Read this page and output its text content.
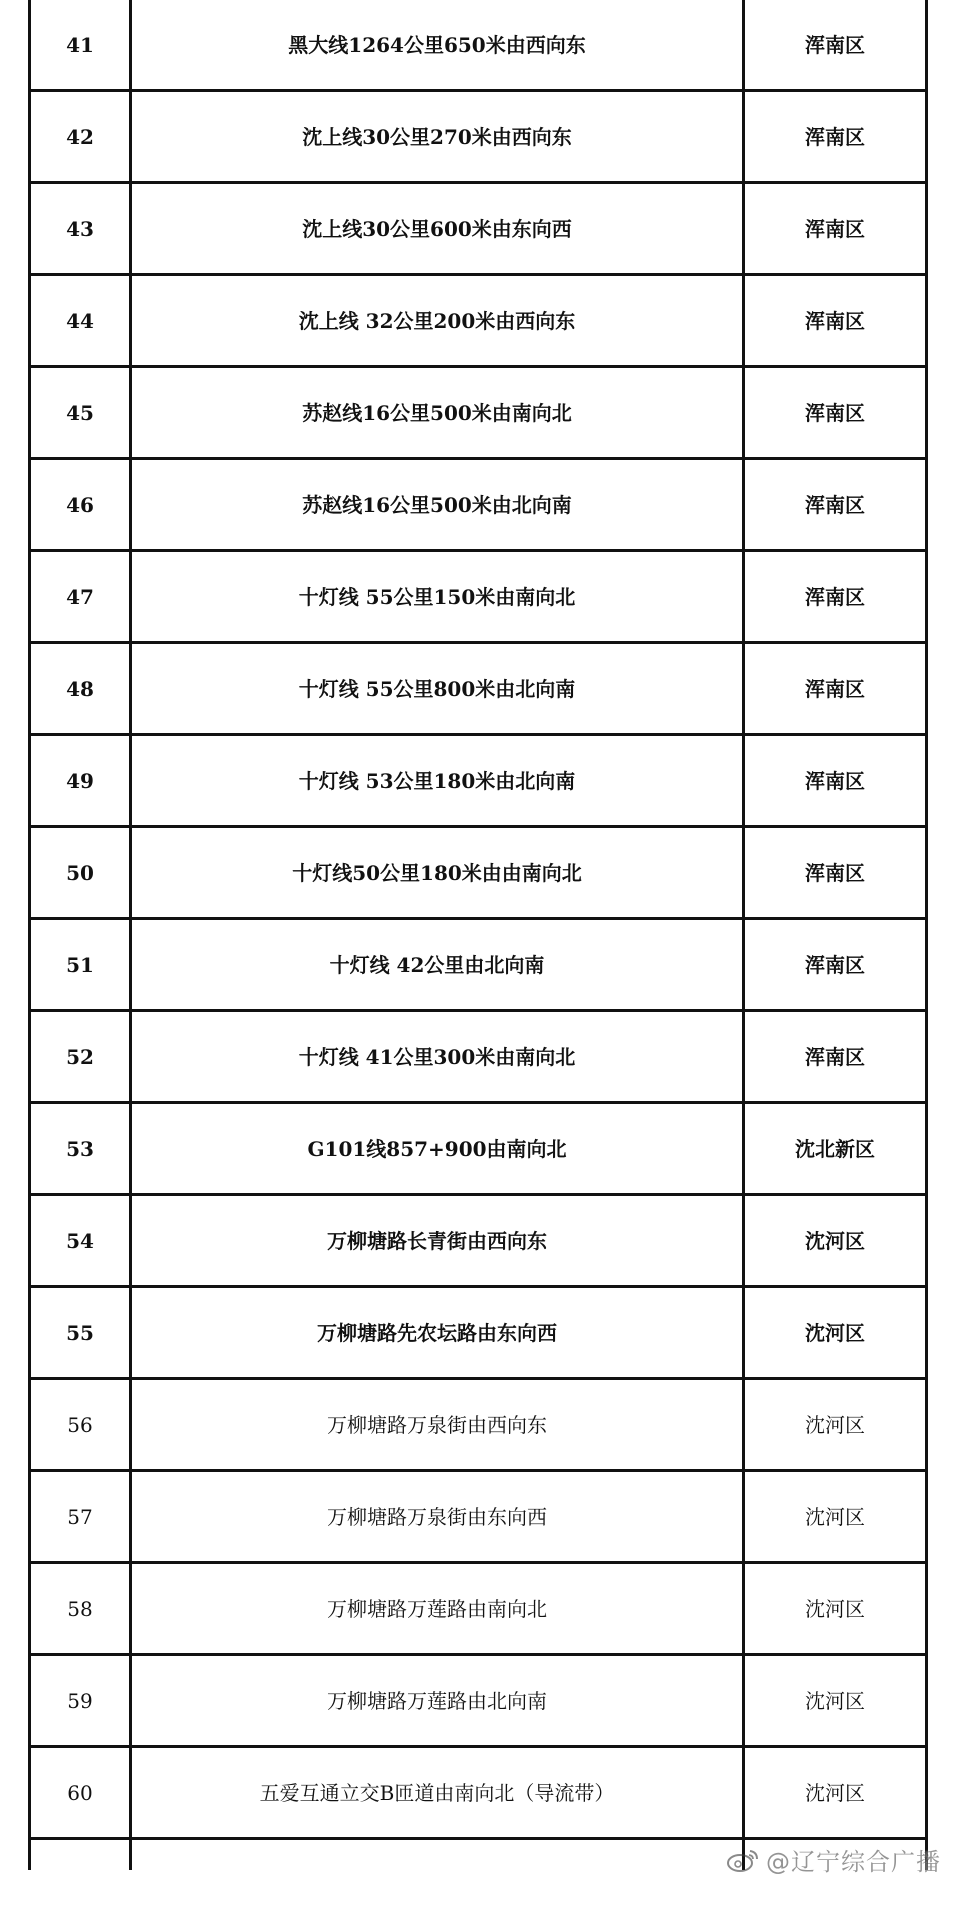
41	黑大线1264公里650米由西向东	浑南区
42	沈上线30公里270米由西向东	浑南区
43	沈上线30公里600米由东向西	浑南区
44	沈上线 32公里200米由西向东	浑南区
45	苏赵线16公里500米由南向北	浑南区
46	苏赵线16公里500米由北向南	浑南区
47	十灯线 55公里150米由南向北	浑南区
48	十灯线 55公里800米由北向南	浑南区
49	十灯线 53公里180米由北向南	浑南区
50	十灯线50公里180米由由南向北	浑南区
51	十灯线 42公里由北向南	浑南区
52	十灯线 41公里300米由南向北	浑南区
53	G101线857+900由南向北	沈北新区
54	万柳塘路长青街由西向东	沈河区
55	万柳塘路先农坛路由东向西	沈河区
56	万柳塘路万泉街由西向东	沈河区
57	万柳塘路万泉街由东向西	沈河区
58	万柳塘路万莲路由南向北	沈河区
59	万柳塘路万莲路由北向南	沈河区
60	五爱互通立交B匝道由南向北（导流带）	沈河区

@辽宁综合广播
